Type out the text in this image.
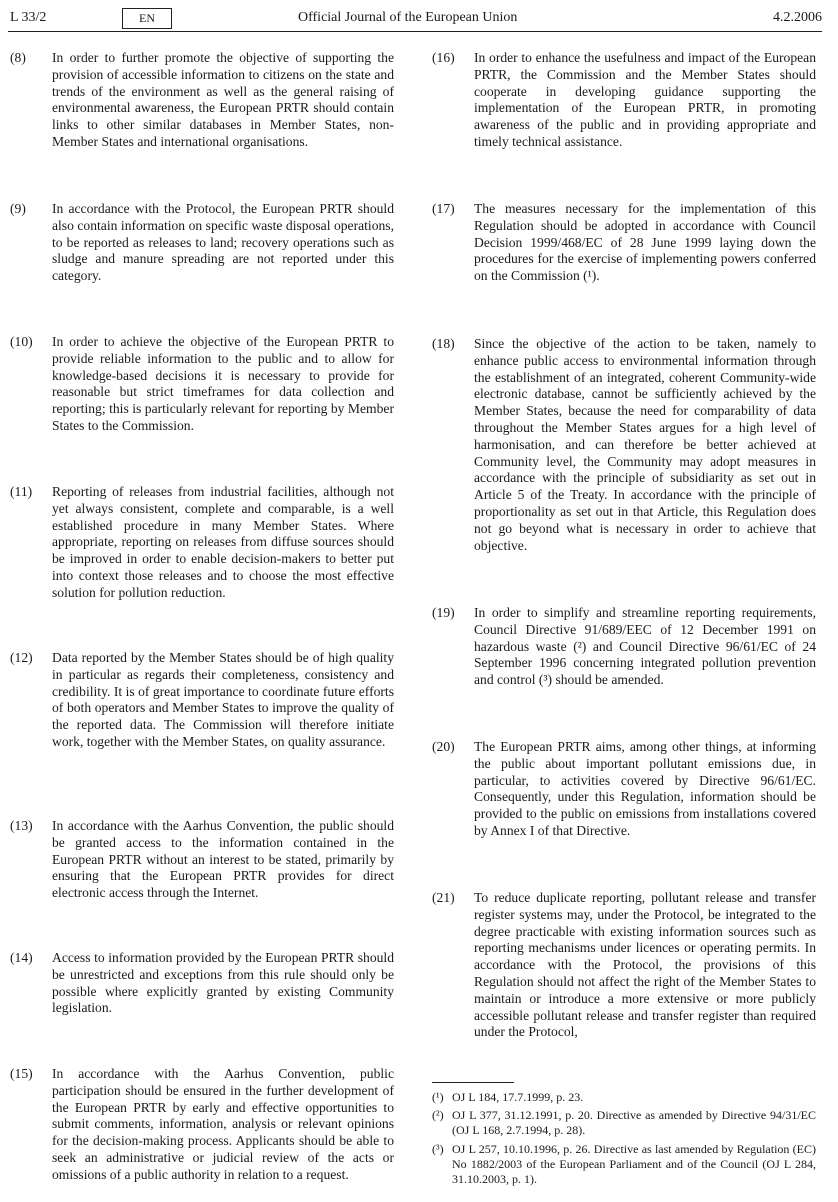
L 33/2	EN	Official Journal of the European Union	4.2.2006
(8)	In order to further promote the objective of supporting the provision of accessible information to citizens on the state and trends of the environment as well as the general raising of environmental awareness, the European PRTR should contain links to other similar databases in Member States, non-Member States and international organisations.
(9)	In accordance with the Protocol, the European PRTR should also contain information on specific waste disposal operations, to be reported as releases to land; recovery operations such as sludge and manure spreading are not reported under this category.
(10)	In order to achieve the objective of the European PRTR to provide reliable information to the public and to allow for knowledge-based decisions it is necessary to provide for reasonable but strict timeframes for data collection and reporting; this is particularly relevant for reporting by Member States to the Commission.
(11)	Reporting of releases from industrial facilities, although not yet always consistent, complete and comparable, is a well established procedure in many Member States. Where appropriate, reporting on releases from diffuse sources should be improved in order to enable decision-makers to better put into context those releases and to choose the most effective solution for pollution reduction.
(12)	Data reported by the Member States should be of high quality in particular as regards their completeness, consistency and credibility. It is of great importance to coordinate future efforts of both operators and Member States to improve the quality of the reported data. The Commission will therefore initiate work, together with the Member States, on quality assurance.
(13)	In accordance with the Aarhus Convention, the public should be granted access to the information contained in the European PRTR without an interest to be stated, primarily by ensuring that the European PRTR provides for direct electronic access through the Internet.
(14)	Access to information provided by the European PRTR should be unrestricted and exceptions from this rule should only be possible where explicitly granted by existing Community legislation.
(15)	In accordance with the Aarhus Convention, public participation should be ensured in the further development of the European PRTR by early and effective opportunities to submit comments, information, analysis or relevant opinions for the decision-making process. Applicants should be able to seek an administrative or judicial review of the acts or omissions of a public authority in relation to a request.
(16)	In order to enhance the usefulness and impact of the European PRTR, the Commission and the Member States should cooperate in developing guidance supporting the implementation of the European PRTR, in promoting awareness of the public and in providing appropriate and timely technical assistance.
(17)	The measures necessary for the implementation of this Regulation should be adopted in accordance with Council Decision 1999/468/EC of 28 June 1999 laying down the procedures for the exercise of implementing powers conferred on the Commission (¹).
(18)	Since the objective of the action to be taken, namely to enhance public access to environmental information through the establishment of an integrated, coherent Community-wide electronic database, cannot be sufficiently achieved by the Member States, because the need for comparability of data throughout the Member States argues for a high level of harmonisation, and can therefore be better achieved at Community level, the Community may adopt measures in accordance with the principle of subsidiarity as set out in Article 5 of the Treaty. In accordance with the principle of proportionality as set out in that Article, this Regulation does not go beyond what is necessary in order to achieve that objective.
(19)	In order to simplify and streamline reporting requirements, Council Directive 91/689/EEC of 12 December 1991 on hazardous waste (²) and Council Directive 96/61/EC of 24 September 1996 concerning integrated pollution prevention and control (³) should be amended.
(20)	The European PRTR aims, among other things, at informing the public about important pollutant emissions due, in particular, to activities covered by Directive 96/61/EC. Consequently, under this Regulation, information should be provided to the public on emissions from installations covered by Annex I of that Directive.
(21)	To reduce duplicate reporting, pollutant release and transfer register systems may, under the Protocol, be integrated to the degree practicable with existing information sources such as reporting mechanisms under licences or operating permits. In accordance with the Protocol, the provisions of this Regulation should not affect the right of the Member States to maintain or introduce a more extensive or more publicly accessible pollutant release and transfer register than required under the Protocol,
(¹) OJ L 184, 17.7.1999, p. 23.
(²) OJ L 377, 31.12.1991, p. 20. Directive as amended by Directive 94/31/EC (OJ L 168, 2.7.1994, p. 28).
(³) OJ L 257, 10.10.1996, p. 26. Directive as last amended by Regulation (EC) No 1882/2003 of the European Parliament and of the Council (OJ L 284, 31.10.2003, p. 1).
